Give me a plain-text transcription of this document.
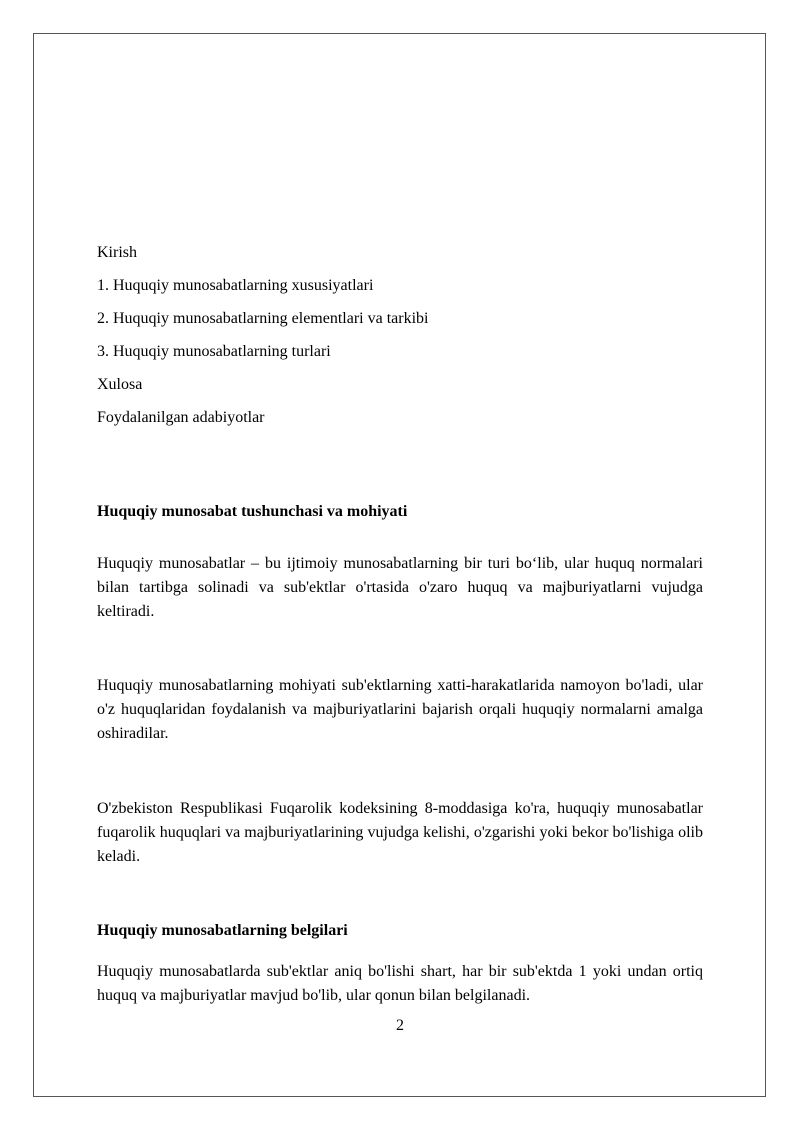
Kirish
1. Huquqiy munosabatlarning xususiyatlari
2. Huquqiy munosabatlarning elementlari va tarkibi
3. Huquqiy munosabatlarning turlari
Xulosa
Foydalanilgan adabiyotlar
Huquqiy munosabat tushunchasi va mohiyati

Huquqiy munosabatlar – bu ijtimoiy munosabatlarning bir turi bo‘lib, ular huquq normalari bilan tartibga solinadi va sub'ektlar o'rtasida o'zaro huquq va majburiyatlarni vujudga keltiradi.

Huquqiy munosabatlarning mohiyati sub'ektlarning xatti-harakatlarida namoyon bo'ladi, ular o'z huquqlaridan foydalanish va majburiyatlarini bajarish orqali huquqiy normalarni amalga oshiradilar.

O'zbekiston Respublikasi Fuqarolik kodeksining 8-moddasiga ko'ra, huquqiy munosabatlar fuqarolik huquqlari va majburiyatlarining vujudga kelishi, o'zgarishi yoki bekor bo'lishiga olib keladi.

Huquqiy munosabatlarning belgilari

Huquqiy munosabatlarda sub'ektlar aniq bo'lishi shart, har bir sub'ektda 1 yoki undan ortiq huquq va majburiyatlar mavjud bo'lib, ular qonun bilan belgilanadi.

2
